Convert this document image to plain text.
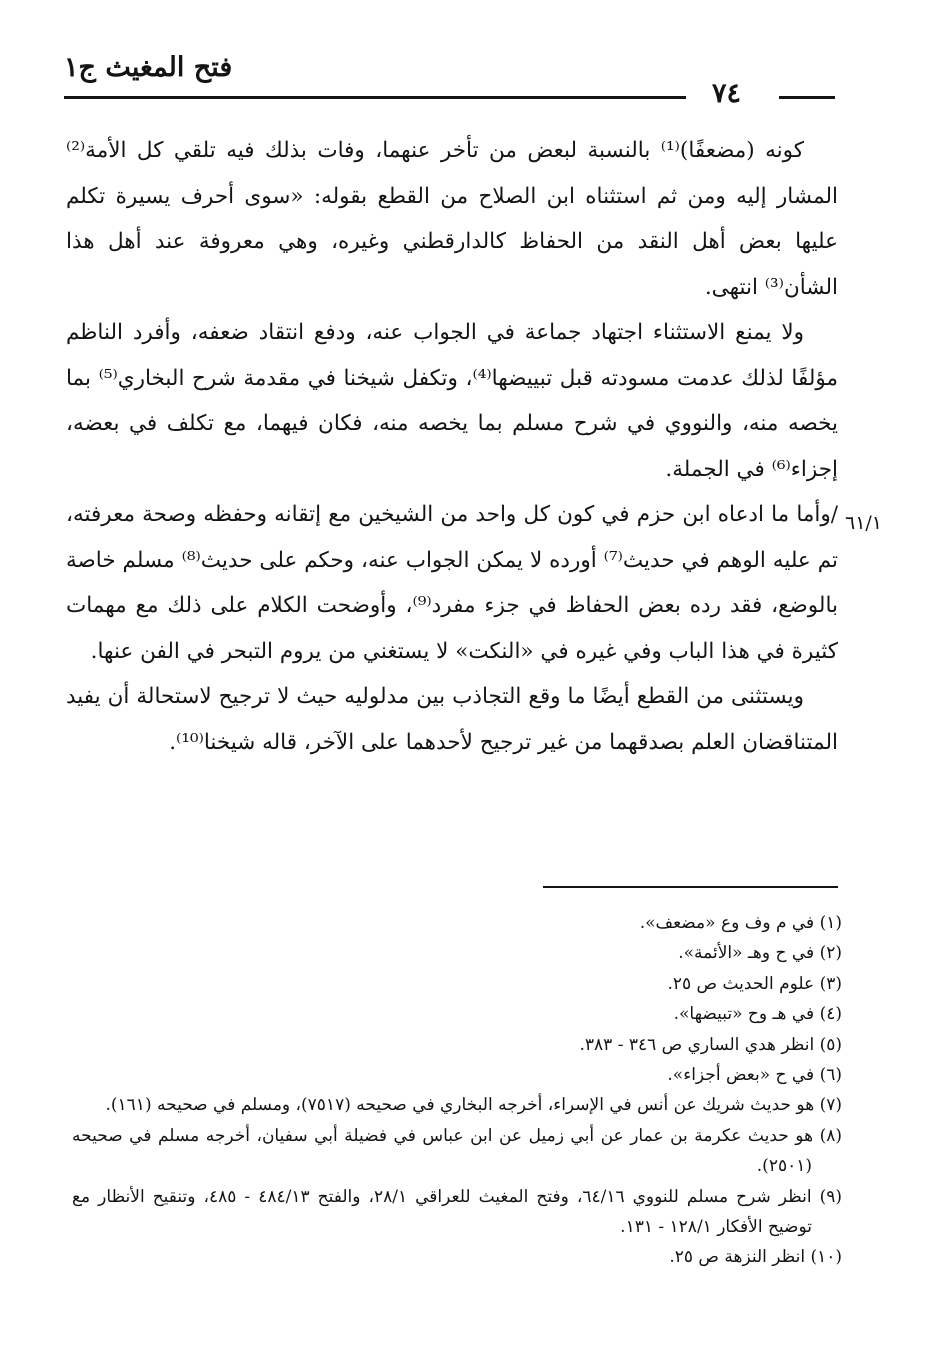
فتح المغيث ج١
٧٤
٦١/١

كونه (مضعفًا)⁽¹⁾ بالنسبة لبعض من تأخر عنهما، وفات بذلك فيه تلقي كل الأمة⁽²⁾ المشار إليه ومن ثم استثناه ابن الصلاح من القطع بقوله: «سوى أحرف يسيرة تكلم عليها بعض أهل النقد من الحفاظ كالدارقطني وغيره، وهي معروفة عند أهل هذا الشأن⁽³⁾ انتهى.

ولا يمنع الاستثناء اجتهاد جماعة في الجواب عنه، ودفع انتقاد ضعفه، وأفرد الناظم مؤلفًا لذلك عدمت مسودته قبل تبييضها⁽⁴⁾، وتكفل شيخنا في مقدمة شرح البخاري⁽⁵⁾ بما يخصه منه، والنووي في شرح مسلم بما يخصه منه، فكان فيهما، مع تكلف في بعضه، إجزاء⁽⁶⁾ في الجملة.

/وأما ما ادعاه ابن حزم في كون كل واحد من الشيخين مع إتقانه وحفظه وصحة معرفته، تم عليه الوهم في حديث⁽⁷⁾ أورده لا يمكن الجواب عنه، وحكم على حديث⁽⁸⁾ مسلم خاصة بالوضع، فقد رده بعض الحفاظ في جزء مفرد⁽⁹⁾، وأوضحت الكلام على ذلك مع مهمات كثيرة في هذا الباب وفي غيره في «النكت» لا يستغني من يروم التبحر في الفن عنها.

ويستثنى من القطع أيضًا ما وقع التجاذب بين مدلوليه حيث لا ترجيح لاستحالة أن يفيد المتناقضان العلم بصدقهما من غير ترجيح لأحدهما على الآخر، قاله شيخنا⁽¹⁰⁾.

(١) في م وف وع «مضعف».

(٢) في ح وهـ «الأئمة».

(٣) علوم الحديث ص ٢٥.

(٤) في هـ وح «تبيضها».

(٥) انظر هدي الساري ص ٣٤٦ - ٣٨٣.

(٦) في ح «بعض أجزاء».

(٧) هو حديث شريك عن أنس في الإسراء، أخرجه البخاري في صحيحه (٧٥١٧)، ومسلم في صحيحه (١٦١).

(٨) هو حديث عكرمة بن عمار عن أبي زميل عن ابن عباس في فضيلة أبي سفيان، أخرجه مسلم في صحيحه (٢٥٠١).

(٩) انظر شرح مسلم للنووي ٦٤/١٦، وفتح المغيث للعراقي ٢٨/١، والفتح ٤٨٤/١٣ - ٤٨٥، وتنقيح الأنظار مع توضيح الأفكار ١٢٨/١ - ١٣١.

(١٠) انظر النزهة ص ٢٥.
